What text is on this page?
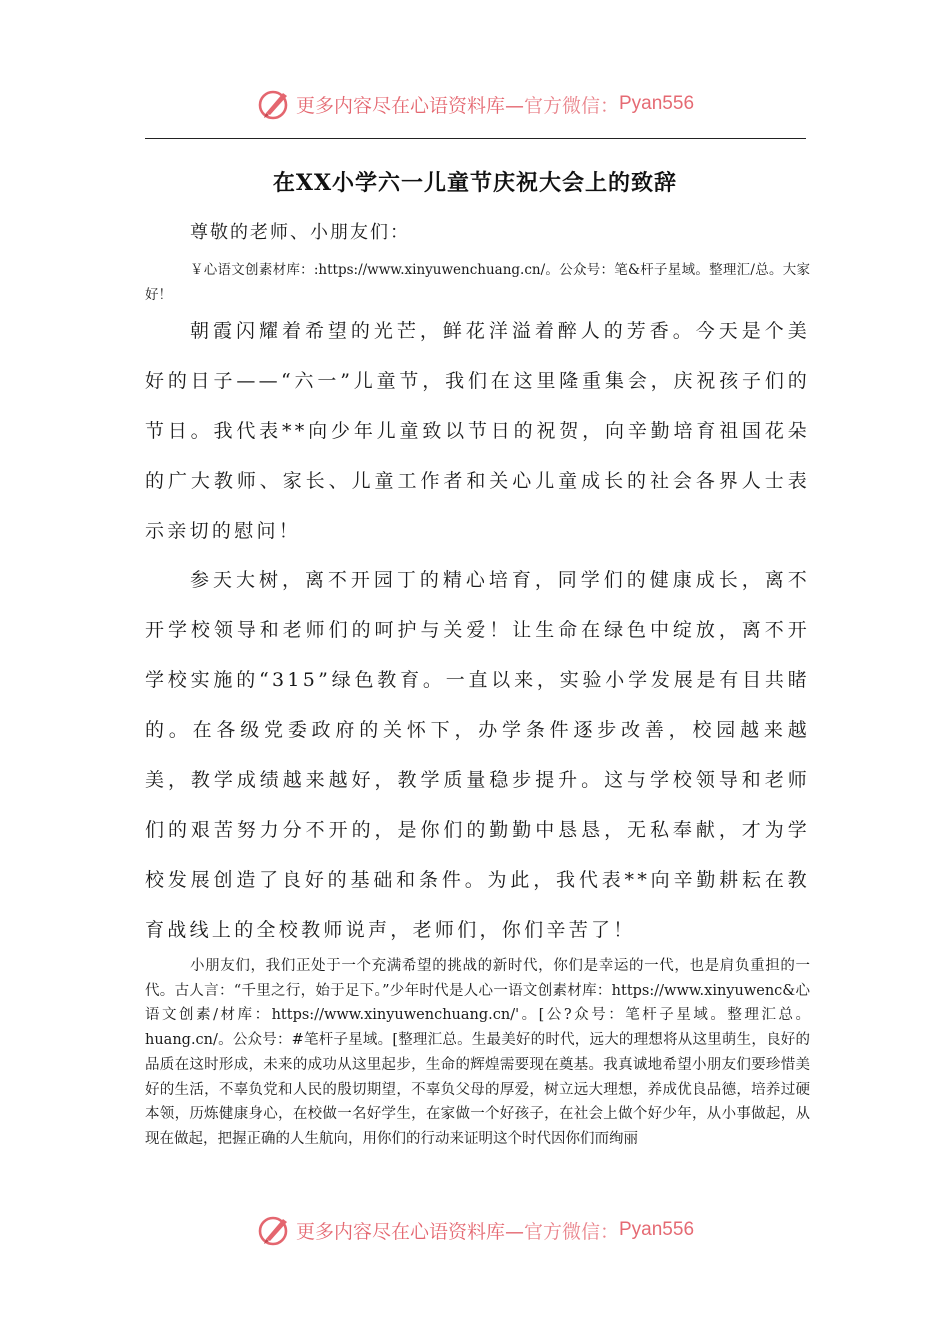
更多内容尽在心语资料库— 官方微信： Pyan556
在XX小学六一儿童节庆祝大会上的致辞
尊敬的老师、小朋友们：

￥心语文创素材库：:https://www.xinyuwenchuang.cn/。公众号：笔&杆子星域。整理汇/总。大家好！

朝霞闪耀着希望的光芒，鲜花洋溢着醉人的芳香。今天是个美好的日子——“六一”儿童节，我们在这里隆重集会，庆祝孩子们的节日。我代表**向少年儿童致以节日的祝贺，向辛勤培育祖国花朵的广大教师、家长、儿童工作者和关心儿童成长的社会各界人士表示亲切的慰问！

参天大树，离不开园丁的精心培育，同学们的健康成长，离不开学校领导和老师们的呵护与关爱！让生命在绿色中绽放，离不开学校实施的“315”绿色教育。一直以来，实验小学发展是有目共睹的。在各级党委政府的关怀下，办学条件逐步改善，校园越来越美，教学成绩越来越好，教学质量稳步提升。这与学校领导和老师们的艰苦努力分不开的，是你们的勤勤中恳恳，无私奉献，才为学校发展创造了良好的基础和条件。为此，我代表**向辛勤耕耘在教育战线上的全校教师说声，老师们，你们辛苦了！

小朋友们，我们正处于一个充满希望的挑战的新时代，你们是幸运的一代，也是肩负重担的一代。古人言：“千里之行，始于足下。”少年时代是人心一语文创素材库：https://www.xinyuwenc&心语文创素/材库：https://www.xinyuwenchuang.cn/'。[公?众号：笔杆子星域。整理汇总。huang.cn/。公众号：#笔杆子星域。[整理汇总。生最美好的时代，远大的理想将从这里萌生，良好的品质在这时形成，未来的成功从这里起步，生命的辉煌需要现在奠基。我真诚地希望小朋友们要珍惜美好的生活，不辜负党和人民的殷切期望，不辜负父母的厚爱，树立远大理想，养成优良品德，培养过硬本领，历炼健康身心，在校做一名好学生，在家做一个好孩子，在社会上做个好少年，从小事做起，从现在做起，把握正确的人生航向，用你们的行动来证明这个时代因你们而绚丽

更多内容尽在心语资料库— 官方微信： Pyan556
